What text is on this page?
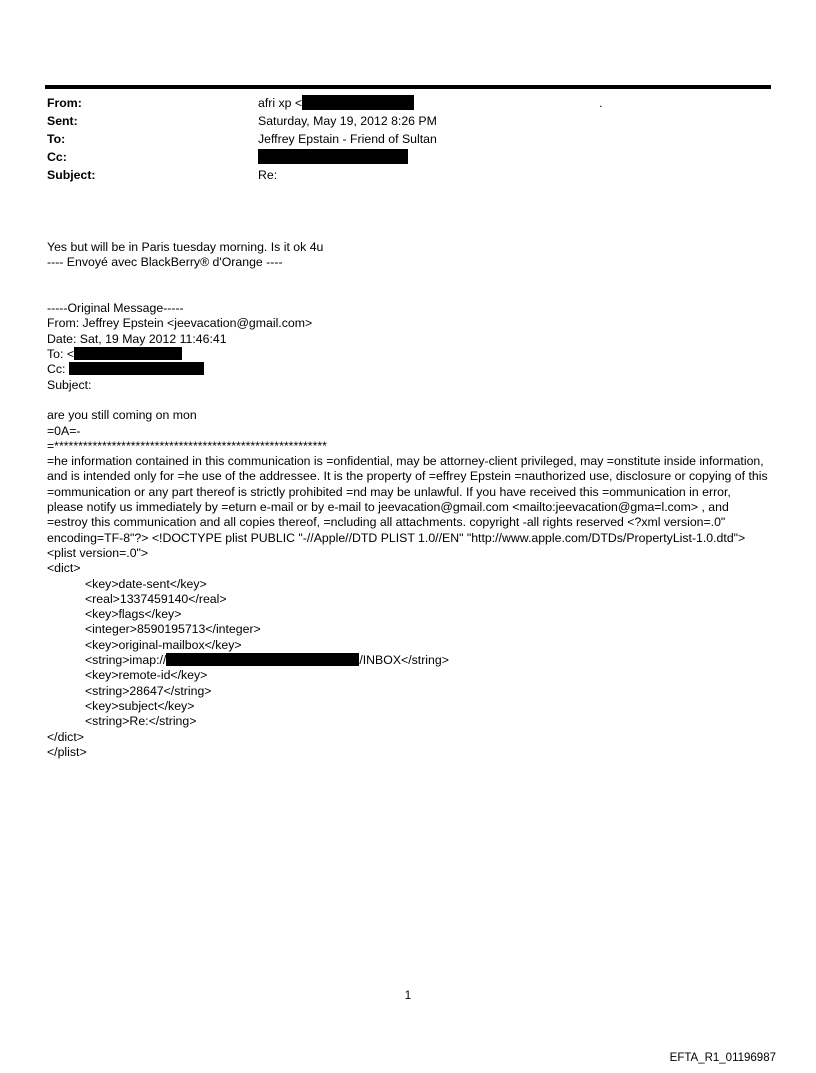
From:	afri xp <	.
Sent:	Saturday, May 19, 2012 8:26 PM
To:	Jeffrey Epstain - Friend of Sultan
Cc:
Subject:	Re:
Yes but will be in Paris tuesday morning. Is it ok 4u
---- Envoyé avec BlackBerry® d'Orange ----

-----Original Message-----
From: Jeffrey Epstein <jeevacation@gmail.com>
Date: Sat, 19 May 2012 11:46:41
To: <
Cc:
Subject:

are you still coming on mon
=0A=-
=*********************************************************
=he information contained in this communication is =onfidential, may be attorney-client privileged, may =onstitute inside information, and is intended only for =he use of the addressee. It is the property of =effrey Epstein =nauthorized use, disclosure or copying of this =ommunication or any part thereof is strictly prohibited =nd may be unlawful. If you have received this =ommunication in error, please notify us immediately by =eturn e-mail or by e-mail to jeevacation@gmail.com <mailto:jeevacation@gma=l.com> , and =estroy this communication and all copies thereof, =ncluding all attachments. copyright -all rights reserved <?xml version=.0" encoding=TF-8"?> <!DOCTYPE plist PUBLIC "-//Apple//DTD PLIST 1.0//EN" "http://www.apple.com/DTDs/PropertyList-1.0.dtd">
<plist version=.0">
<dict>
<key>date-sent</key>
<real>1337459140</real>
<key>flags</key>
<integer>8590195713</integer>
<key>original-mailbox</key>
<string>imap://	/INBOX</string>
<key>remote-id</key>
<string>28647</string>
<key>subject</key>
<string>Re:</string>
</dict>
</plist>
1
EFTA_R1_01196987
